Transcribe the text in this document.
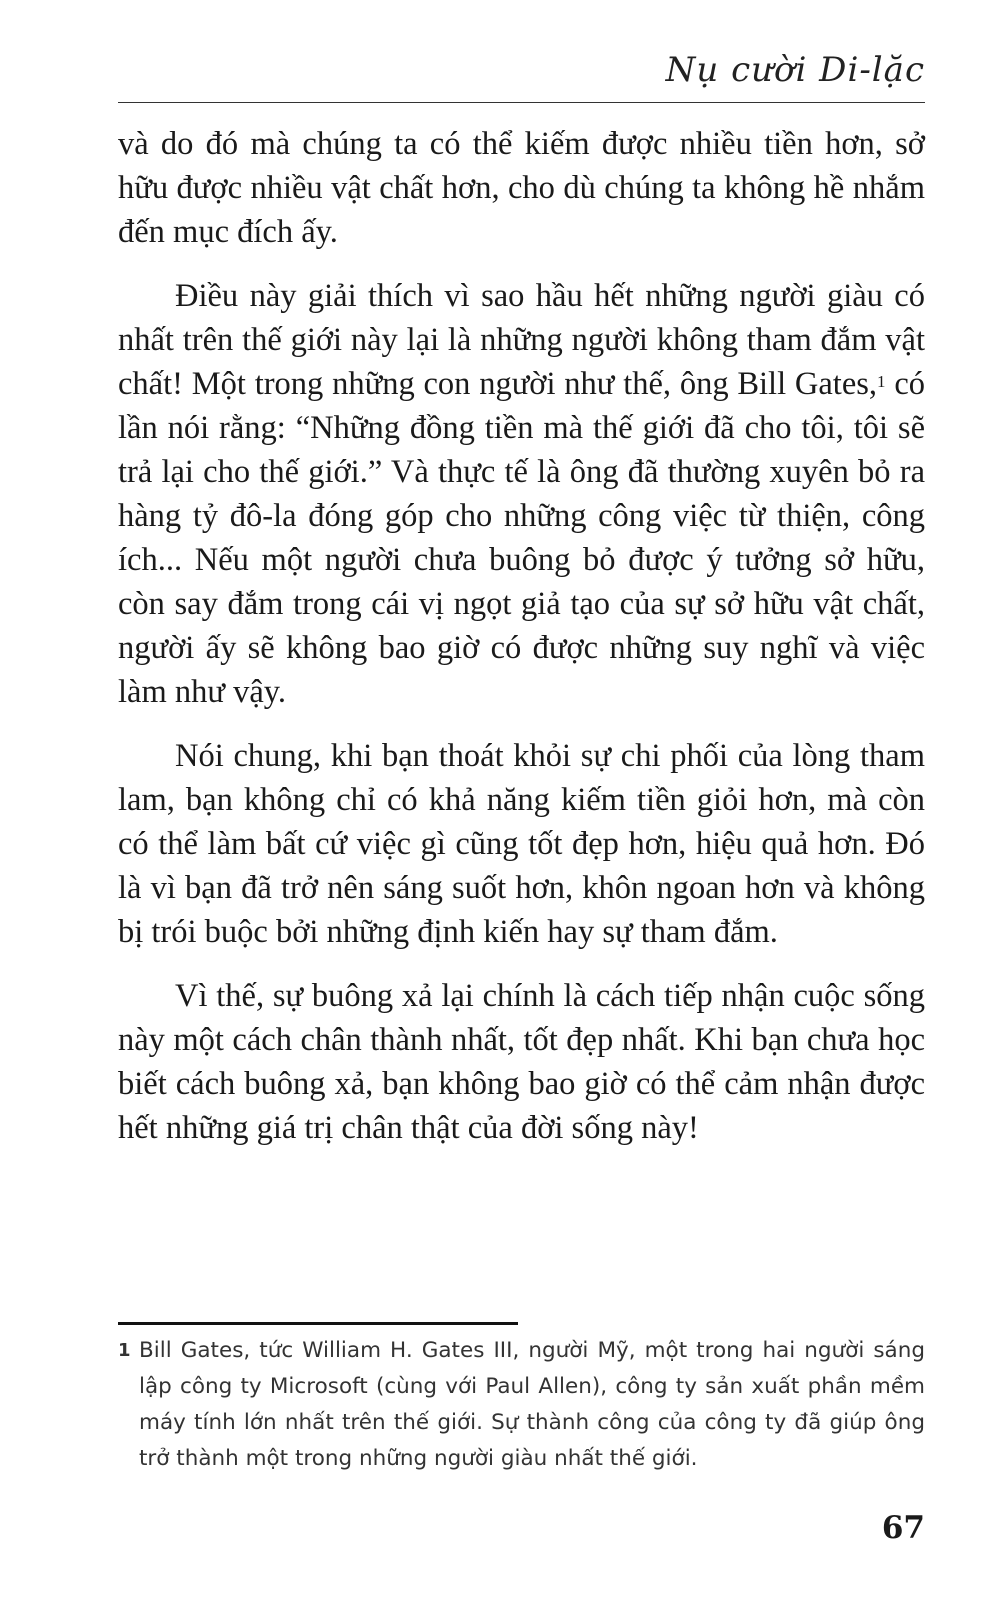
Nụ cười Di-lặc

và do đó mà chúng ta có thể kiếm được nhiều tiền hơn, sở hữu được nhiều vật chất hơn, cho dù chúng ta không hề nhắm đến mục đích ấy.

Điều này giải thích vì sao hầu hết những người giàu có nhất trên thế giới này lại là những người không tham đắm vật chất! Một trong những con người như thế, ông Bill Gates,$^1$ có lần nói rằng: “Những đồng tiền mà thế giới đã cho tôi, tôi sẽ trả lại cho thế giới.” Và thực tế là ông đã thường xuyên bỏ ra hàng tỷ đô-la đóng góp cho những công việc từ thiện, công ích... Nếu một người chưa buông bỏ được ý tưởng sở hữu, còn say đắm trong cái vị ngọt giả tạo của sự sở hữu vật chất, người ấy sẽ không bao giờ có được những suy nghĩ và việc làm như vậy.

Nói chung, khi bạn thoát khỏi sự chi phối của lòng tham lam, bạn không chỉ có khả năng kiếm tiền giỏi hơn, mà còn có thể làm bất cứ việc gì cũng tốt đẹp hơn, hiệu quả hơn. Đó là vì bạn đã trở nên sáng suốt hơn, khôn ngoan hơn và không bị trói buộc bởi những định kiến hay sự tham đắm.

Vì thế, sự buông xả lại chính là cách tiếp nhận cuộc sống này một cách chân thành nhất, tốt đẹp nhất. Khi bạn chưa học biết cách buông xả, bạn không bao giờ có thể cảm nhận được hết những giá trị chân thật của đời sống này!

1 Bill Gates, tức William H. Gates III, người Mỹ, một trong hai người sáng lập công ty Microsoft (cùng với Paul Allen), công ty sản xuất phần mềm máy tính lớn nhất trên thế giới. Sự thành công của công ty đã giúp ông trở thành một trong những người giàu nhất thế giới.
67
